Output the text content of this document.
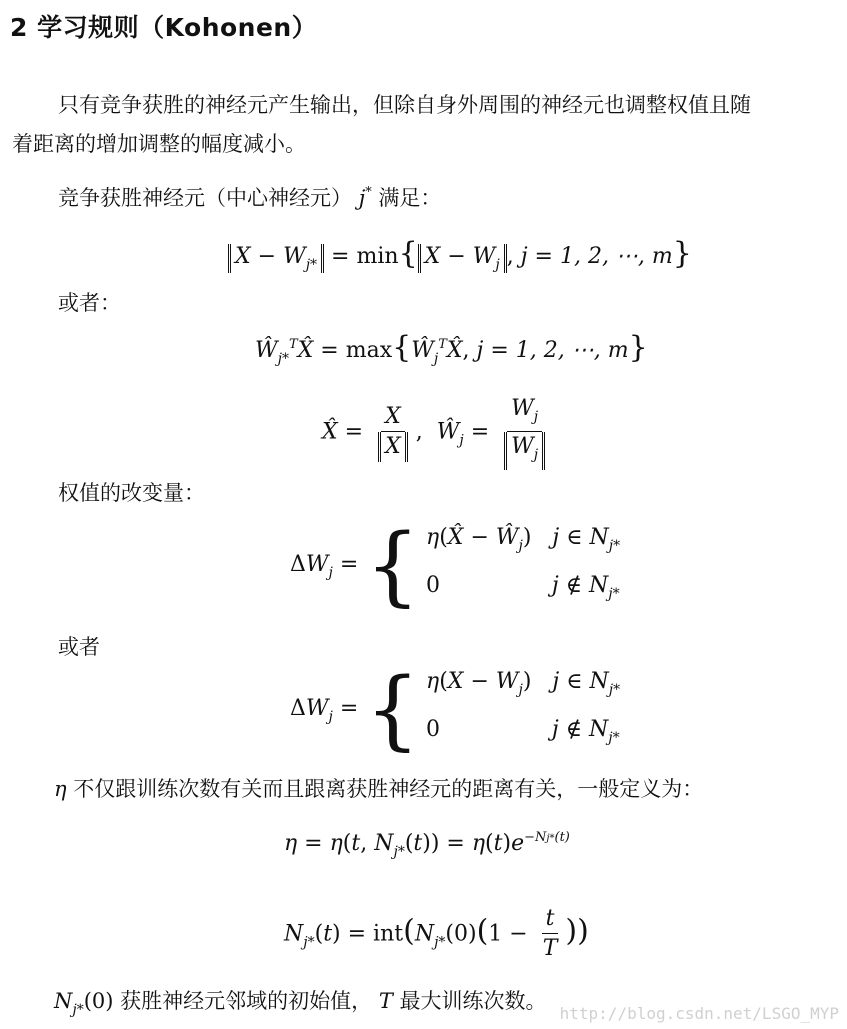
2 学习规则（Kohonen）
只有竞争获胜的神经元产生输出，但除自身外周围的神经元也调整权值且随
着距离的增加调整的幅度减小。
竞争获胜神经元（中心神经元） j* 满足：
$X - W_{j*} = \min${ $X - W_j$ , j = 1, 2, ⋯, m}
或者：
$Ŵ_{j*}^TX̂$ = $\max\{Ŵ_j^TX̂$, j = 1, 2, ⋯, m}
X̂ = $\frac{X}{X}$ ,  $Ŵ_j = \frac{W_j}{W_j}$
权值的改变量：
$\Delta W_j$ = { η(X̂ − $Ŵ_j$)   j ∈ $N_{j*}$
0	j ∉ $N_{j*}$
或者
$\Delta W_j$ = { $\eta(X - W_j)$   j ∈ $N_{j*}$
0	j ∉ $N_{j*}$
η 不仅跟训练次数有关而且跟离获胜神经元的距离有关，一般定义为：
η = η(t, $N_{j*}(t)) = \eta(t)e^{-Nj*(t)}$
$N_{j*}(t) = int(N_{j*}(0)(1 - \frac{t}{T}$ ))
$N_{j*}(0)$ 获胜神经元邻域的初始值， T 最大训练次数。
http://blog.csdn.net/LSGO_MYP
